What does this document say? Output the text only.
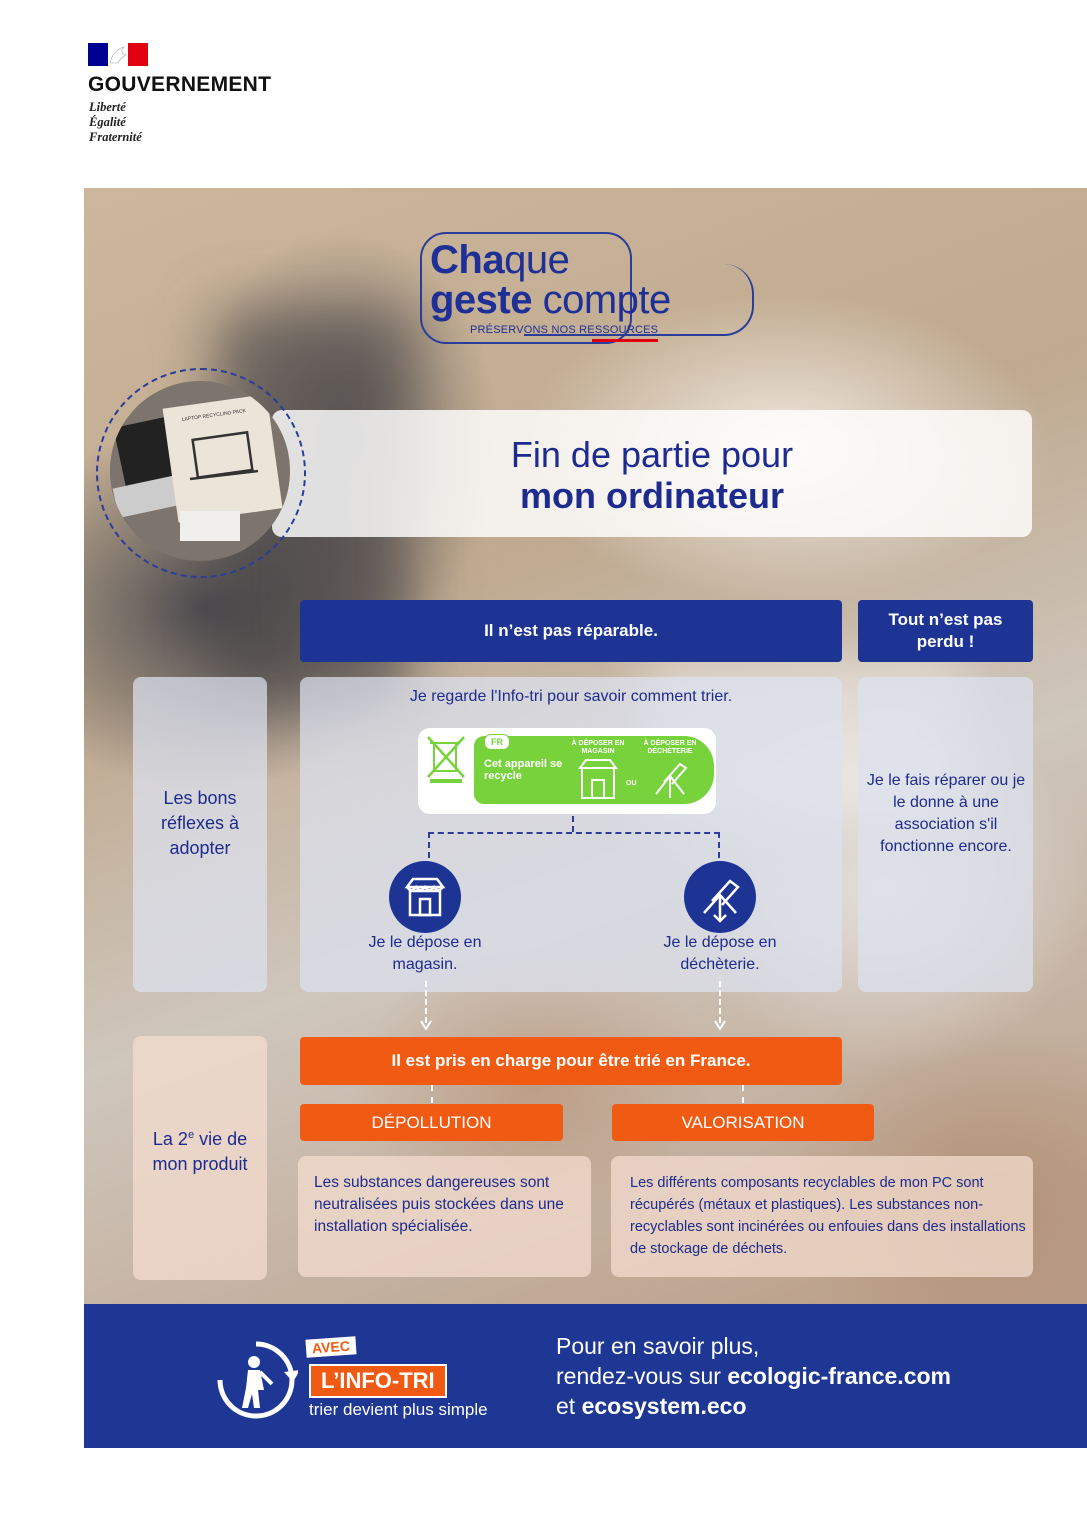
GOUVERNEMENT
Liberté
Égalité
Fraternité
Chaque
geste compte
PRÉSERVONS NOS RESSOURCES
Fin de partie pour
mon ordinateur
LAPTOP RECYCLING PACK
Il n’est pas réparable.
Tout n’est pas perdu !
Les bons réflexes à adopter
Je regarde l'Info-tri pour savoir comment trier.
FR
Cet appareil se recycle
À DÉPOSER EN MAGASIN
À DÉPOSER EN DÉCHÈTERIE
OU
Je le dépose en magasin.
Je le dépose en déchèterie.
Je le fais réparer ou je le donne à une association s'il fonctionne encore.
La 2e vie de mon produit
Il est pris en charge pour être trié en France.
DÉPOLLUTION	VALORISATION
Les substances dangereuses sont neutralisées puis stockées dans une installation spécialisée.
Les différents composants recyclables de mon PC sont récupérés (métaux et plastiques). Les substances non-recyclables sont incinérées ou enfouies dans des installations de stockage de déchets.
AVEC
L’INFO-TRI
trier devient plus simple
Pour en savoir plus,
rendez-vous sur ecologic-france.com
et ecosystem.eco
